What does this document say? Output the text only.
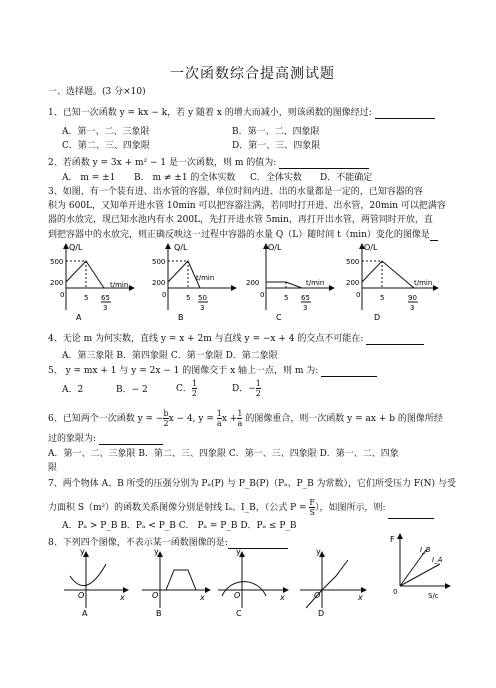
一次函数综合提高测试题
一、选择题。(3 分×10)
1、已知一次函数 y = kx − k，若 y 随着 x 的增大而减小，则该函数的图像经过:
A．第一、二、三象限	B．第一、二、四象限
C．第二、三、四象限	D．第一、三、四象限
2、若函数 y = 3x + m² − 1 是一次函数，则 m 的值为:
A． m = ±1 B． m ≠ ±1 的全体实数 C．全体实数 D．不能确定
3、如图，有一个装有进、出水管的容器，单位时间内进、出的水量都是一定的，已知容器的容
积为 600L，又知单开进水管 10min 可以把容器注满，若同时打开进、出水管，20min 可以把满容
器的水放完，现已知水池内有水 200L，先打开进水管 5min，再打开出水管，两管同时开放，直
到把容器中的水放完，则正确反映这一过程中容器的水量 Q（L）随时间 t（min）变化的图像是
Q/L
500
200
0
t/min
5 65
3
A
Q/L
500
200
0
t/min
5 50
3
B
O/L
200
0
t/min
5 65
3
C
O/L
500
200
0
t/min
5	90
3
D
4、无论 m 为何实数，直线 y = x + 2m 与直线 y = −x + 4 的交点不可能在:
A．第三象限 B．第四象限 C．第一象限 D．第二象限
5、 y = mx + 1 与 y = 2x − 1 的图像交于 x 轴上一点，则 m 为:
A．2	B．− 2	C． $\frac{1}{2}$	D．− $\frac{1}{2}$
6、已知两个一次函数 y = − $\frac{b}{2}$ x − 4, $y = \frac{1}{a}$ $x + \frac{1}{a}$ 的图像重合，则一次函数 y = ax + b 的图像所经
过的象限为:
A．第一、二、三象限 B．第二、三、四象限 C．第一、三、四象限 D．第一、二、四象
限
7、两个物体 A、B 所受的压强分别为 Pₐ(P) 与 P_B(P)（Pₐ、P_B 为常数），它们所受压力 F(N) 与受
力面积 S（m²）的函数关系图像分别是射线 Iₐ、I_B，（公式 $P = \frac{F}{S}$ ），如图所示，则:
A．Pₐ > P_B B．Pₐ < P_B C． Pₐ = P_B D．Pₐ ≤ P_B
8、下列四个图像，不表示某一函数图像的是:	F
I_B
I_A
0	S/c
y
x
O
A
y
x
O
B
y
x
O
C
y
x
O
D
